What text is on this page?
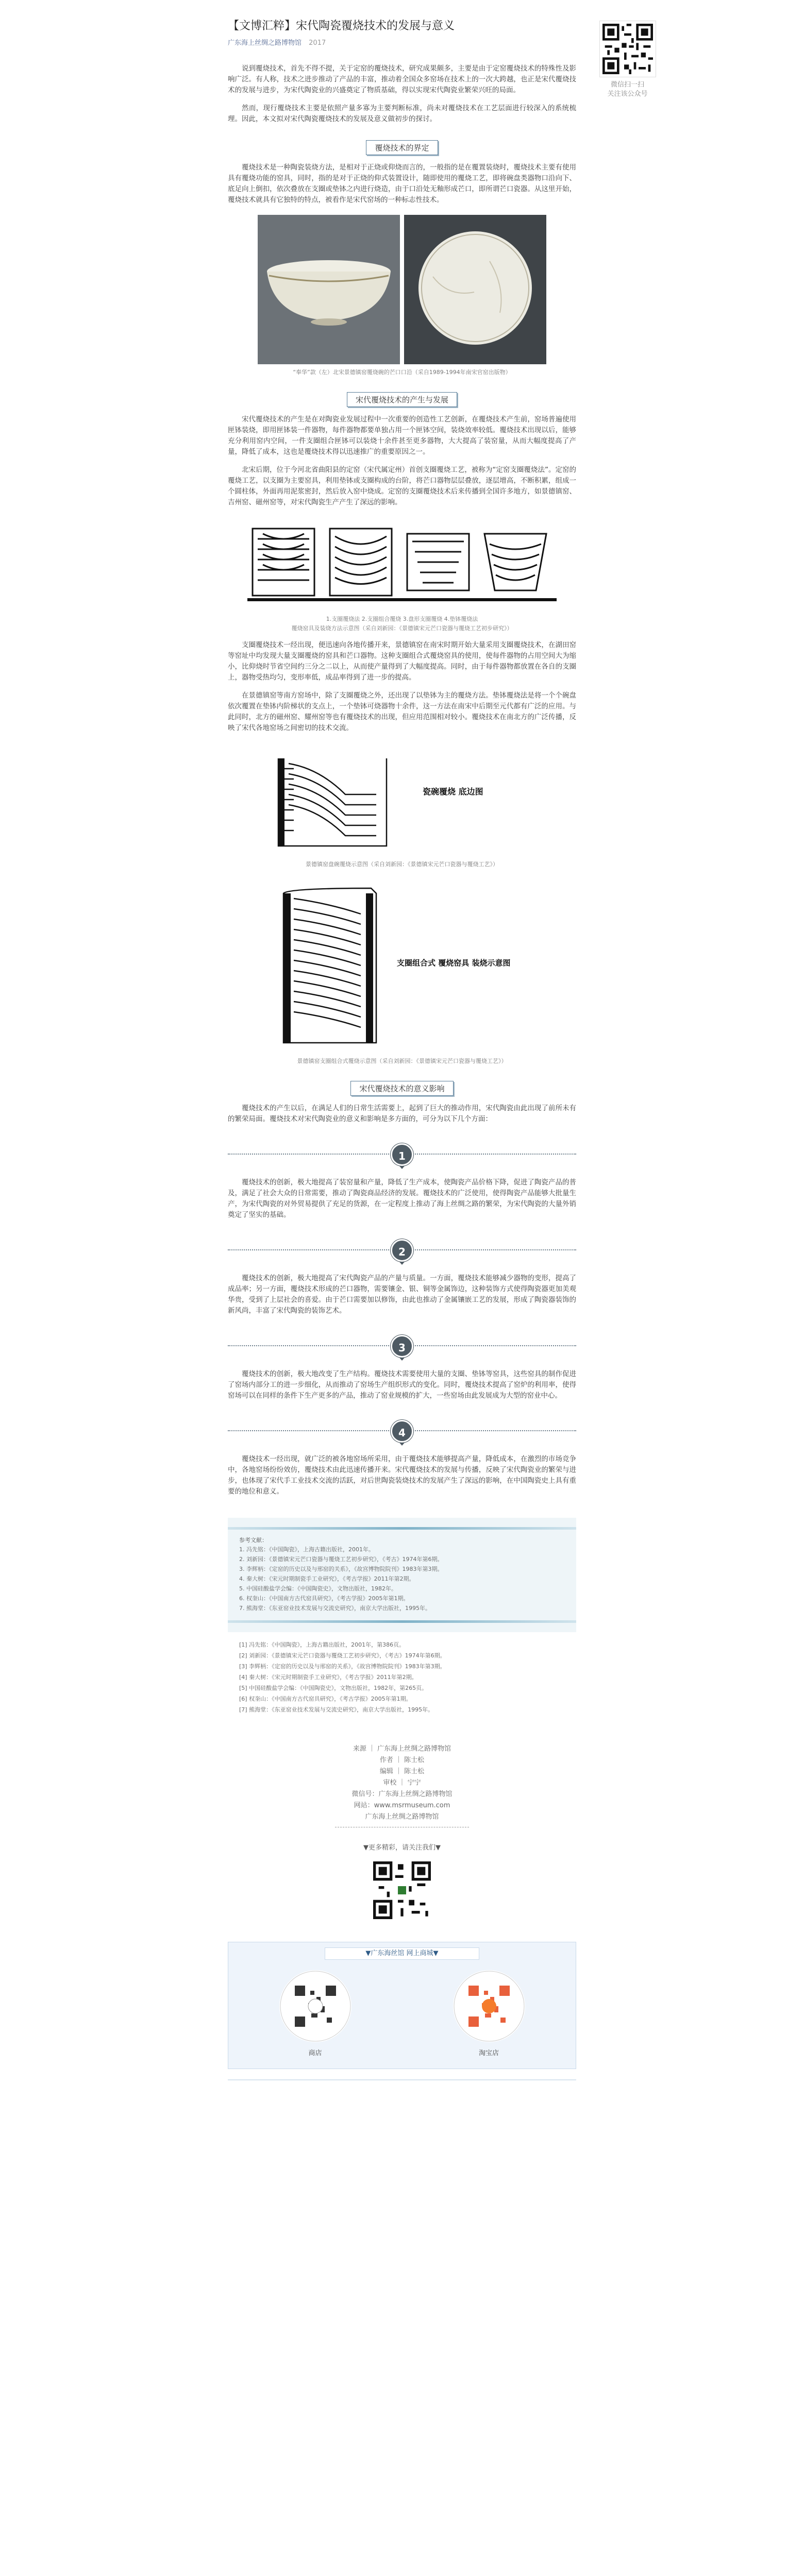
微信扫一扫
关注该公众号
【文博汇粹】宋代陶瓷覆烧技术的发展与意义
广东海上丝绸之路博物馆 2017

说到覆烧技术，首先不得不提，关于定窑的覆烧技术，研究成果颇多，主要是由于定窑覆烧技术的特殊性及影响广泛。有人称，技术之进步推动了产品的丰富，推动着全国众多窑场在技术上的一次大跨越，也正是宋代覆烧技术的发展与进步，为宋代陶瓷业的兴盛奠定了物质基础，得以实现宋代陶瓷业繁荣兴旺的局面。

然而，现行覆烧技术主要是依照产量多寡为主要判断标准，尚未对覆烧技术在工艺层面进行较深入的系统梳理。因此，本文拟对宋代陶瓷覆烧技术的发展及意义做初步的探讨。

覆烧技术的界定

覆烧技术是一种陶瓷装烧方法，是相对于正烧或仰烧而言的，一般指的是在覆置装烧时，覆烧技术主要有使用具有覆烧功能的窑具，同时，指的是对于正烧的仰式装置设计，随即使用的覆烧工艺，即将碗盘类器物口沿向下、底足向上倒扣，依次叠放在支圈或垫钵之内进行烧造，由于口沿处无釉形成芒口，即所谓芒口瓷器。从这里开始，覆烧技术就具有它独特的特点，被看作是宋代窑场的一种标志性技术。

“奉华”款（左）北宋景德镇窑覆烧碗的芒口口沿（采自1989-1994年南宋官窑出版物）
宋代覆烧技术的产生与发展

宋代覆烧技术的产生是在对陶瓷业发展过程中一次重要的创造性工艺创新，在覆烧技术产生前，窑场普遍使用匣钵装烧，即用匣钵装一件器物，每件器物都要单独占用一个匣钵空间，装烧效率较低。覆烧技术出现以后，能够充分利用窑内空间，一件支圈组合匣钵可以装烧十余件甚至更多器物，大大提高了装窑量，从而大幅度提高了产量，降低了成本，这也是覆烧技术得以迅速推广的重要原因之一。

北宋后期，位于今河北省曲阳县的定窑（宋代属定州）首创支圈覆烧工艺，被称为“定窑支圈覆烧法”。定窑的覆烧工艺，以支圈为主要窑具，利用垫钵或支圈构成的台阶，将芒口器物层层叠放，逐层增高，不断积累，组成一个圆柱体，外面再用泥浆密封，然后放入窑中烧成。定窑的支圈覆烧技术后来传播到全国许多地方，如景德镇窑、吉州窑、磁州窑等，对宋代陶瓷生产产生了深远的影响。

1.支圈覆烧法 2.支圈组合覆烧 3.盘形支圈覆烧 4.垫钵覆烧法
覆烧窑具及装烧方法示意图（采自刘新园：《景德镇宋元芒口瓷器与覆烧工艺初步研究》）

支圈覆烧技术一经出现，便迅速向各地传播开来，景德镇窑在南宋时期开始大量采用支圈覆烧技术，在湖田窑等窑址中均发现大量支圈覆烧的窑具和芒口器物。这种支圈组合式覆烧窑具的使用，使每件器物的占用空间大为缩小，比仰烧时节省空间约三分之二以上，从而使产量得到了大幅度提高。同时，由于每件器物都放置在各自的支圈上，器物受热均匀，变形率低，成品率得到了进一步的提高。

在景德镇窑等南方窑场中，除了支圈覆烧之外，还出现了以垫钵为主的覆烧方法。垫钵覆烧法是将一个个碗盘依次覆置在垫钵内阶梯状的支点上，一个垫钵可烧器物十余件，这一方法在南宋中后期至元代都有广泛的应用。与此同时，北方的磁州窑、耀州窑等也有覆烧技术的出现，但应用范围相对较小。覆烧技术在南北方的广泛传播，反映了宋代各地窑场之间密切的技术交流。

瓷碗覆烧 底边图
景德镇窑盘碗覆烧示意图（采自刘新园：《景德镇宋元芒口瓷器与覆烧工艺》）
支圈组合式 覆烧窑具 装烧示意图
景德镇窑支圈组合式覆烧示意图（采自刘新园：《景德镇宋元芒口瓷器与覆烧工艺》）
宋代覆烧技术的意义影响

覆烧技术的产生以后，在满足人们的日常生活需要上，起到了巨大的推动作用，宋代陶瓷由此出现了前所未有的繁荣局面。覆烧技术对宋代陶瓷业的意义和影响是多方面的，可分为以下几个方面：

1

覆烧技术的创新，极大地提高了装窑量和产量，降低了生产成本，使陶瓷产品价格下降，促进了陶瓷产品的普及，满足了社会大众的日常需要，推动了陶瓷商品经济的发展。覆烧技术的广泛使用，使得陶瓷产品能够大批量生产，为宋代陶瓷的对外贸易提供了充足的货源，在一定程度上推动了海上丝绸之路的繁荣，为宋代陶瓷的大量外销奠定了坚实的基础。

2

覆烧技术的创新，极大地提高了宋代陶瓷产品的产量与质量。一方面，覆烧技术能够减少器物的变形，提高了成品率；另一方面，覆烧技术形成的芒口器物，需要镶金、银、铜等金属饰边，这种装饰方式使得陶瓷器更加美观华贵，受到了上层社会的喜爱。由于芒口需要加以修饰，由此也推动了金属镶嵌工艺的发展，形成了陶瓷器装饰的新风尚，丰富了宋代陶瓷的装饰艺术。

3

覆烧技术的创新，极大地改变了生产结构。覆烧技术需要使用大量的支圈、垫钵等窑具，这些窑具的制作促进了窑场内部分工的进一步细化，从而推动了窑场生产组织形式的变化。同时，覆烧技术提高了窑炉的利用率，使得窑场可以在同样的条件下生产更多的产品，推动了窑业规模的扩大，一些窑场由此发展成为大型的窑业中心。

4

覆烧技术一经出现，就广泛的被各地窑场所采用，由于覆烧技术能够提高产量，降低成本，在激烈的市场竞争中，各地窑场纷纷效仿，覆烧技术由此迅速传播开来。宋代覆烧技术的发展与传播，反映了宋代陶瓷业的繁荣与进步，也体现了宋代手工业技术交流的活跃，对后世陶瓷装烧技术的发展产生了深远的影响，在中国陶瓷史上具有重要的地位和意义。

参考文献：
1. 冯先铭：《中国陶瓷》，上海古籍出版社，2001年。
2. 刘新园：《景德镇宋元芒口瓷器与覆烧工艺初步研究》，《考古》1974年第6期。
3. 李辉柄：《定窑的历史以及与邢窑的关系》，《故宫博物院院刊》1983年第3期。
4. 秦大树：《宋元时期制瓷手工业研究》，《考古学报》2011年第2期。
5. 中国硅酸盐学会编：《中国陶瓷史》，文物出版社，1982年。
6. 权奎山：《中国南方古代窑具研究》，《考古学报》2005年第1期。
7. 熊海堂：《东亚窑业技术发展与交流史研究》，南京大学出版社，1995年。
[1] 冯先铭：《中国陶瓷》，上海古籍出版社，2001年，第386页。
[2] 刘新园：《景德镇宋元芒口瓷器与覆烧工艺初步研究》，《考古》1974年第6期。
[3] 李辉柄：《定窑的历史以及与邢窑的关系》，《故宫博物院院刊》1983年第3期。
[4] 秦大树：《宋元时期制瓷手工业研究》，《考古学报》2011年第2期。
[5] 中国硅酸盐学会编：《中国陶瓷史》，文物出版社，1982年，第265页。
[6] 权奎山：《中国南方古代窑具研究》，《考古学报》2005年第1期。
[7] 熊海堂：《东亚窑业技术发展与交流史研究》，南京大学出版社，1995年。
来源 ｜ 广东海上丝绸之路博物馆
作者 ｜ 陈士松
编辑 ｜ 陈士松
审校 ｜ 宁宁
微信号：广东海上丝绸之路博物馆
网站：www.msrmuseum.com
广东海上丝绸之路博物馆
▼更多精彩，请关注我们▼
▼广东海丝馆 网上商城▼
商店	淘宝店
